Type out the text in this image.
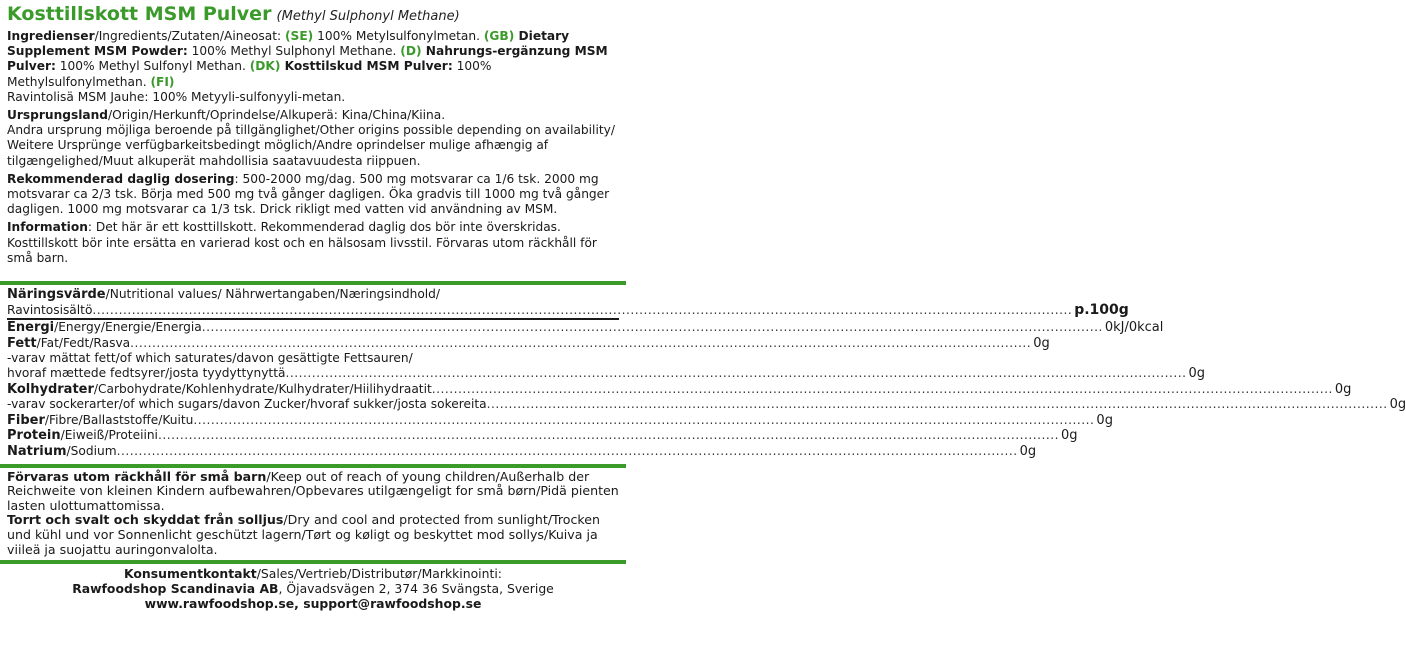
Kosttillskott MSM Pulver (Methyl Sulphonyl Methane)

Ingredienser/Ingredients/Zutaten/Aineosat: (SE) 100% Metylsulfonylmetan. (GB) Dietary Supplement MSM Powder: 100% Methyl Sulphonyl Methane. (D) Nahrungs-ergänzung MSM Pulver: 100% Methyl Sulfonyl Methan. (DK) Kosttilskud MSM Pulver: 100% Methylsulfonylmethan. (FI)
Ravintolisä MSM Jauhe: 100% Metyyli-sulfonyyli-metan.

Ursprungsland/Origin/Herkunft/Oprindelse/Alkuperä: Kina/China/Kiina.
Andra ursprung möjliga beroende på tillgänglighet/Other origins possible depending on availability/ Weitere Ursprünge verfügbarkeitsbedingt möglich/Andre oprindelser mulige afhængig af tilgængelighed/Muut alkuperät mahdollisia saatavuudesta riippuen.

Rekommenderad daglig dosering: 500-2000 mg/dag. 500 mg motsvarar ca 1/6 tsk. 2000 mg motsvarar ca 2/3 tsk. Börja med 500 mg två gånger dagligen. Öka gradvis till 1000 mg två gånger dagligen. 1000 mg motsvarar ca 1/3 tsk. Drick rikligt med vatten vid användning av MSM.

Information: Det här är ett kosttillskott. Rekommenderad daglig dos bör inte överskridas. Kosttillskott bör inte ersätta en varierad kost och en hälsosam livsstil. Förvaras utom räckhåll för små barn.

Näringsvärde/Nutritional values/ Nährwertangaben/Næringsindhold/
Ravintosisältö ................................................................................................................................................................................................................................ p.100g
Energi/Energy/Energie/Energia .............................................................................................................................................................................................................. 0kJ/0kcal
Fett/Fat/Fedt/Rasva .............................................................................................................................................................................................................. 0g
-varav mättat fett/of which saturates/davon gesättigte Fettsauren/
hvoraf mættede fedtsyrer/josta tyydyttynyttä .............................................................................................................................................................................................................. 0g
Kolhydrater/Carbohydrate/Kohlenhydrate/Kulhydrater/Hiilihydraatit .............................................................................................................................................................................................................. 0g
-varav sockerarter/of which sugars/davon Zucker/hvoraf sukker/josta sokereita .............................................................................................................................................................................................................. 0g
Fiber/Fibre/Ballaststoffe/Kuitu .............................................................................................................................................................................................................. 0g
Protein/Eiweiß/Proteiini .............................................................................................................................................................................................................. 0g
Natrium/Sodium .............................................................................................................................................................................................................. 0g

Förvaras utom räckhåll för små barn/Keep out of reach of young children/Außerhalb der Reichweite von kleinen Kindern aufbewahren/Opbevares utilgængeligt for små børn/Pidä pienten lasten ulottumattomissa.

Torrt och svalt och skyddat från solljus/Dry and cool and protected from sunlight/Trocken und kühl und vor Sonnenlicht geschützt lagern/Tørt og køligt og beskyttet mod sollys/Kuiva ja viileä ja suojattu auringonvalolta.

Konsumentkontakt/Sales/Vertrieb/Distributør/Markkinointi:
Rawfoodshop Scandinavia AB, Öjavadsvägen 2, 374 36 Svängsta, Sverige
www.rawfoodshop.se, support@rawfoodshop.se
